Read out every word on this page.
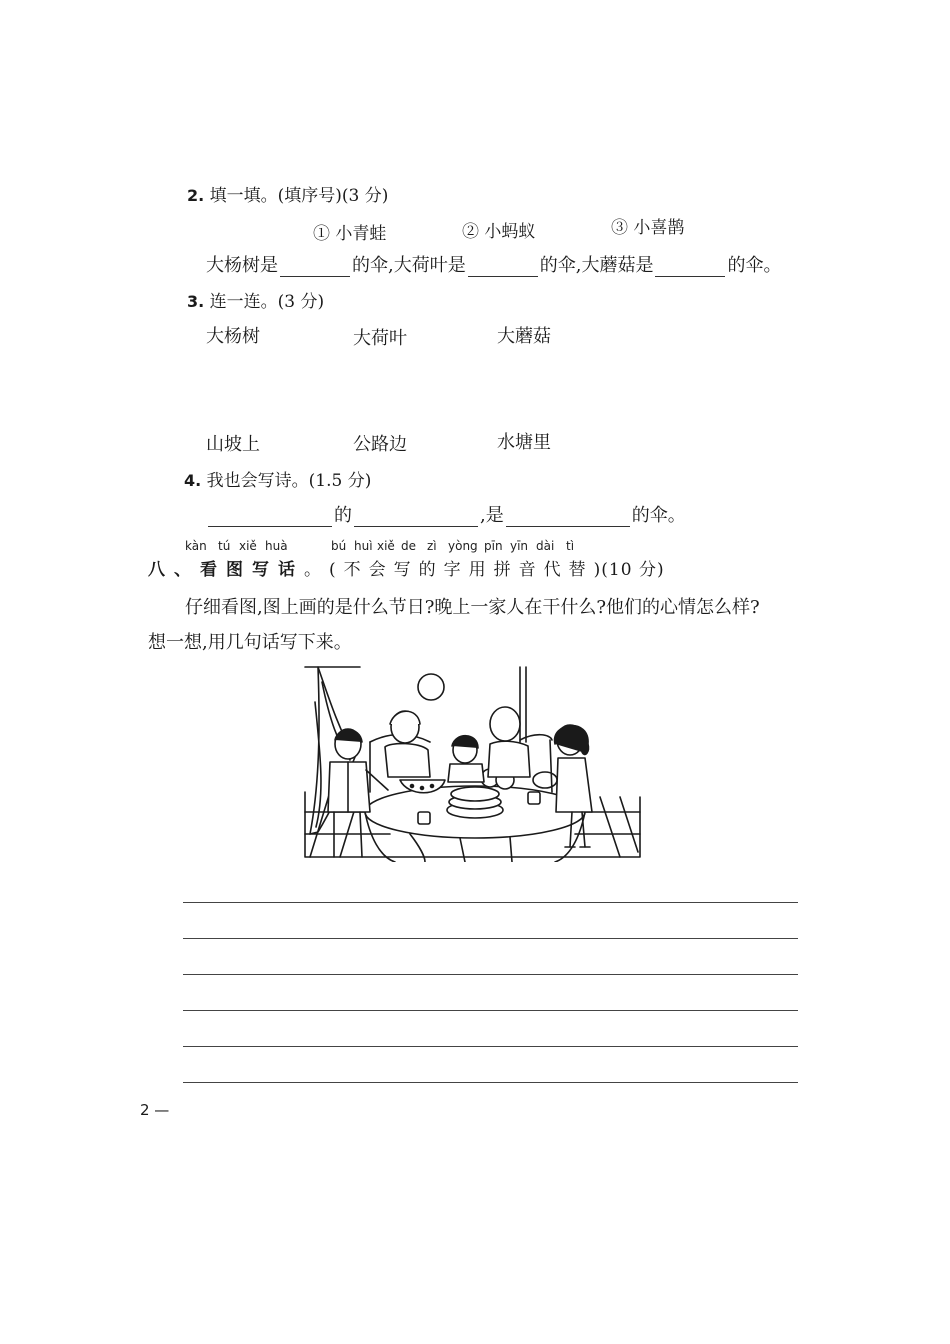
2. 填一填。(填序号)(3 分)
① 小青蛙	② 小蚂蚁	③ 小喜鹊
大杨树是	的伞,大荷叶是	的伞,大蘑菇是	的伞。
3. 连一连。(3 分)
大杨树	大荷叶	大蘑菇
山坡上	公路边	水塘里
4. 我也会写诗。(1.5 分)
的	,是	的伞。
kàn tú xiě huà	bú huì xiě de zì yòng pīn yīn dài tì
八、看图写话。(不会写的字用拼音代替)(10 分)
仔细看图,图上画的是什么节日?晚上一家人在干什么?他们的心情怎么样?
想一想,用几句话写下来。
2 —
